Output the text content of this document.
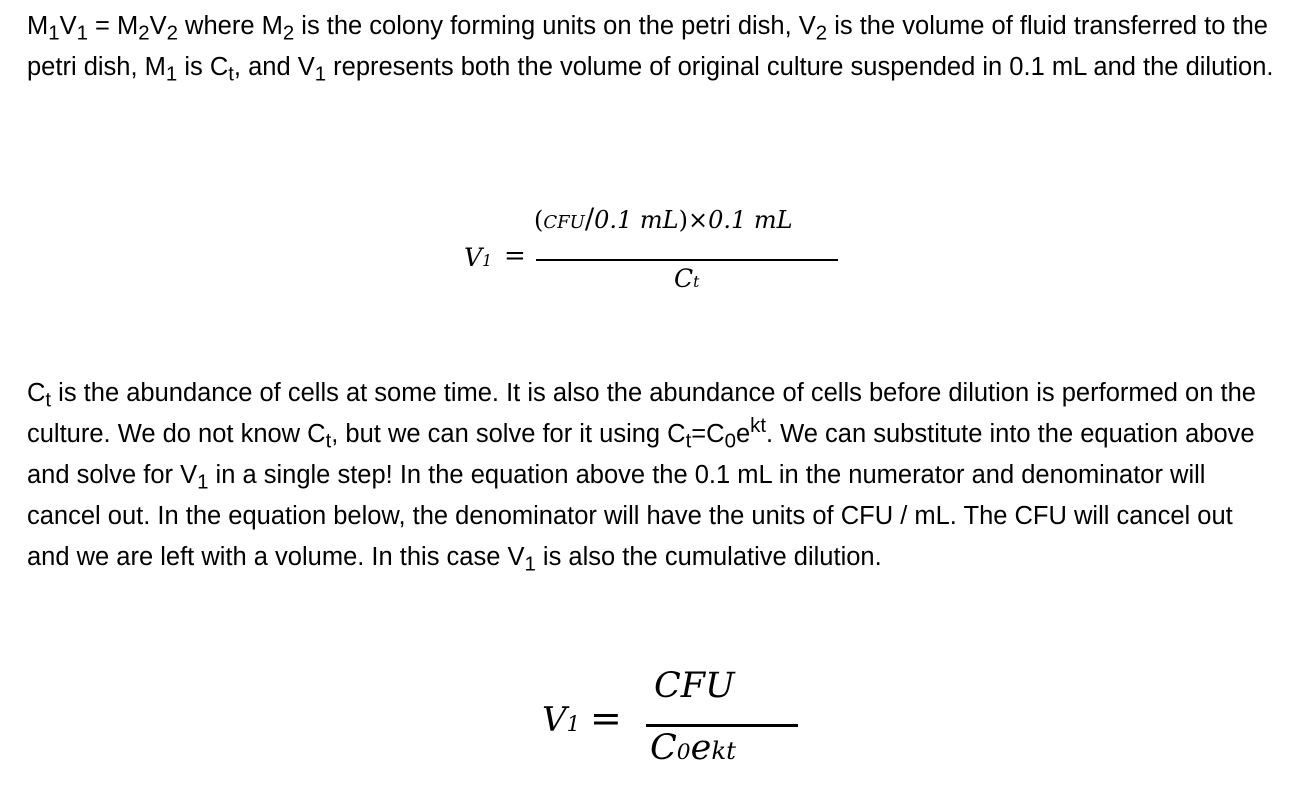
$M_1V_1 = M_2V_2$ where $M_2$ is the colony forming units on the petri dish, $V_2$ is the volume of fluid transferred to the petri dish, $M_1$ is $C_t$, and $V_1$ represents both the volume of original culture suspended in 0.1 mL and the dilution.

V1 =
(CFU/0.1 mL)×0.1 mL
Ct

$C_t$ is the abundance of cells at some time. It is also the abundance of cells before dilution is performed on the culture. We do not know $C_t$, but we can solve for it using $C_t=C_0e^{kt}$. We can substitute into the equation above and solve for $V_1$ in a single step! In the equation above the 0.1 mL in the numerator and denominator will cancel out. In the equation below, the denominator will have the units of CFU / mL. The CFU will cancel out and we are left with a volume. In this case $V_1$ is also the cumulative dilution.

V1 =
CFU
C0ekt
